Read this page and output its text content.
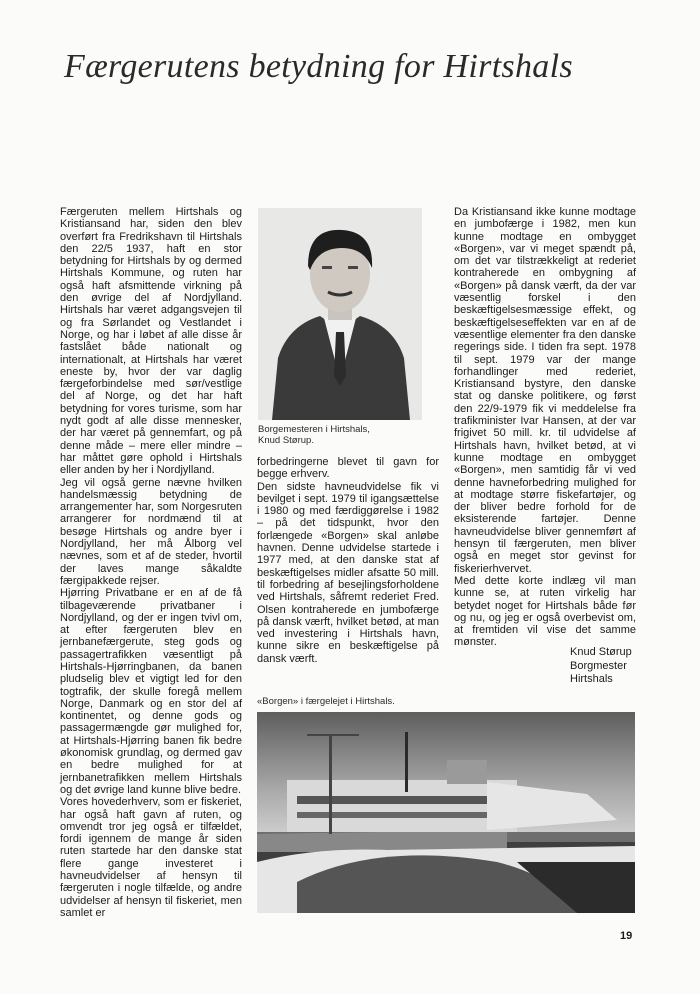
Færgerutens betydning for Hirtshals

Færgeruten mellem Hirtshals og Kristiansand har, siden den blev overført fra Fredrikshavn til Hirtshals den 22/5 1937, haft en stor betydning for Hirtshals by og dermed Hirtshals Kommune, og ruten har også haft afsmittende virkning på den øvrige del af Nordjylland. Hirtshals har været adgangsvejen til og fra Sørlandet og Vestlandet i Norge, og har i løbet af alle disse år fastslået både nationalt og internationalt, at Hirtshals har været eneste by, hvor der var daglig færgeforbindelse med sør/vestlige del af Norge, og det har haft betydning for vores turisme, som har nydt godt af alle disse mennesker, der har været på gennemfart, og på denne måde – mere eller mindre – har måttet gøre ophold i Hirtshals eller anden by her i Nordjylland.

Jeg vil også gerne nævne hvilken handelsmæssig betydning de arrangementer har, som Norgesruten arrangerer for nordmænd til at besøge Hirtshals og andre byer i Nordjylland, her må Ålborg vel nævnes, som et af de steder, hvortil der laves mange såkaldte færgipakkede rejser.

Hjørring Privatbane er en af de få tilbageværende privatbaner i Nordjylland, og der er ingen tvivl om, at efter færgeruten blev en jernbanefærgerute, steg gods og passagertrafikken væsentligt på Hirtshals-Hjørringbanen, da banen pludselig blev et vigtigt led for den togtrafik, der skulle foregå mellem Norge, Danmark og en stor del af kontinentet, og denne gods og passagermængde gør mulighed for, at Hirtshals-Hjørring banen fik bedre økonomisk grundlag, og dermed gav en bedre mulighed for at jernbanetrafikken mellem Hirtshals og det øvrige land kunne blive bedre.

Vores hovederhverv, som er fiskeriet, har også haft gavn af ruten, og omvendt tror jeg også er tilfældet, fordi igennem de mange år siden ruten startede har den danske stat flere gange investeret i havneudvidelser af hensyn til færgeruten i nogle tilfælde, og andre udvidelser af hensyn til fiskeriet, men samlet er

Borgemesteren i Hirtshals,
Knud Størup.

forbedringerne blevet til gavn for begge erhverv.

Den sidste havneudvidelse fik vi bevilget i sept. 1979 til igangsættelse i 1980 og med færdiggørelse i 1982 – på det tidspunkt, hvor den forlængede «Borgen» skal anløbe havnen. Denne udvidelse startede i 1977 med, at den danske stat af beskæftigelses midler afsatte 50 mill. til forbedring af besejlingsforholdene ved Hirtshals, såfremt rederiet Fred. Olsen kontraherede en jumbofærge på dansk værft, hvilket betød, at man ved investering i Hirtshals havn, kunne sikre en beskæftigelse på dansk værft.

«Borgen» i færgelejet i Hirtshals.

Da Kristiansand ikke kunne modtage en jumbofærge i 1982, men kun kunne modtage en ombygget «Borgen», var vi meget spændt på, om det var tilstrækkeligt at rederiet kontraherede en ombygning af «Borgen» på dansk værft, da der var væsentlig forskel i den beskæftigelsesmæssige effekt, og beskæftigelseseffekten var en af de væsentlige elementer fra den danske regerings side. I tiden fra sept. 1978 til sept. 1979 var der mange forhandlinger med rederiet, Kristiansand bystyre, den danske stat og danske politikere, og først den 22/9-1979 fik vi meddelelse fra trafikminister Ivar Hansen, at der var frigivet 50 mill. kr. til udvidelse af Hirtshals havn, hvilket betød, at vi kunne modtage en ombygget «Borgen», men samtidig får vi ved denne havneforbedring mulighed for at modtage større fiskefartøjer, og der bliver bedre forhold for de eksisterende fartøjer. Denne havneudvidelse bliver gennemført af hensyn til færgeruten, men bliver også en meget stor gevinst for fiskerierhvervet.

Med dette korte indlæg vil man kunne se, at ruten virkelig har betydet noget for Hirtshals både før og nu, og jeg er også overbevist om, at fremtiden vil vise det samme mønster.

Knud Størup
Borgmester
Hirtshals
19
